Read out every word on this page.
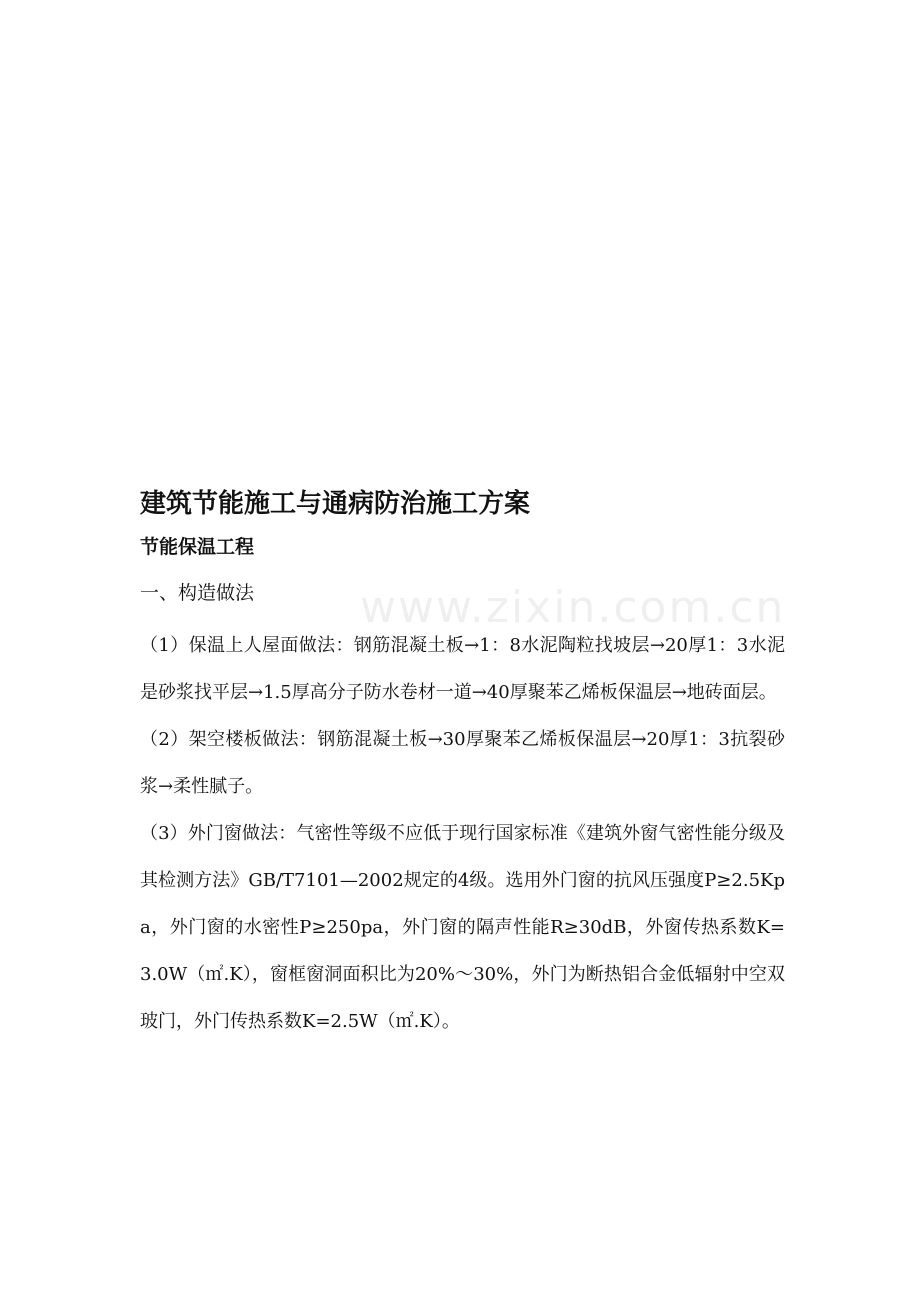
www.zixin.com.cn
建筑节能施工与通病防治施工方案
节能保温工程
一、构造做法

（1）保温上人屋面做法：钢筋混凝土板→1：8水泥陶粒找坡层→20厚1：3水泥是砂浆找平层→1.5厚高分子防水卷材一道→40厚聚苯乙烯板保温层→地砖面层。

（2）架空楼板做法：钢筋混凝土板→30厚聚苯乙烯板保温层→20厚1：3抗裂砂浆→柔性腻子。

（3）外门窗做法：气密性等级不应低于现行国家标准《建筑外窗气密性能分级及其检测方法》GB/T7101—2002规定的4级。选用外门窗的抗风压强度P≥2.5Kpa，外门窗的水密性P≥250pa，外门窗的隔声性能R≥30dB，外窗传热系数K=3.0W（㎡.K），窗框窗洞面积比为20%～30%，外门为断热铝合金低辐射中空双玻门，外门传热系数K=2.5W（㎡.K）。
